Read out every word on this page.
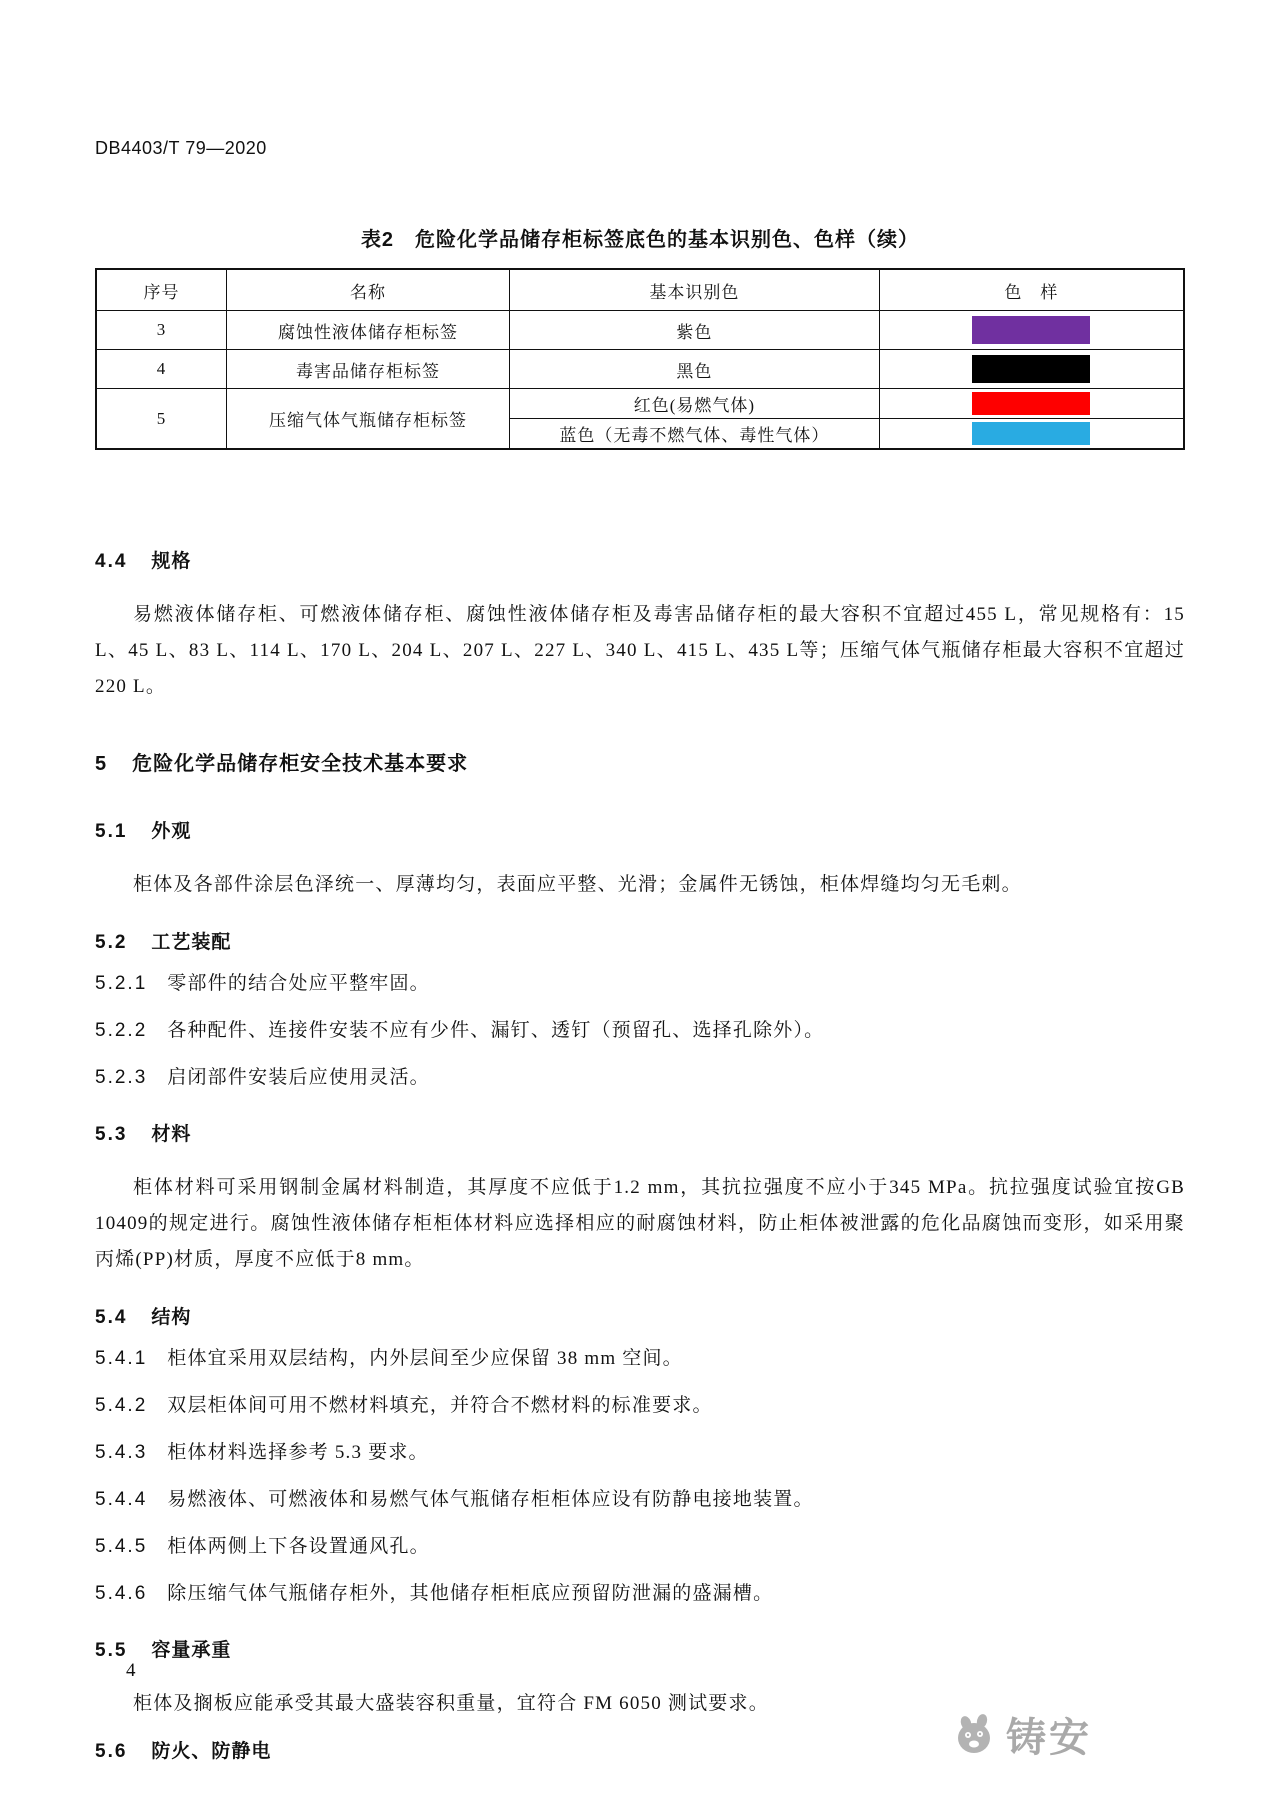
DB4403/T 79—2020
表2　危险化学品储存柜标签底色的基本识别色、色样（续）
序号	名称	基本识别色	色　样
3	腐蚀性液体储存柜标签	紫色	
4	毒害品储存柜标签	黑色	
5	压缩气体气瓶储存柜标签	红色(易燃气体)	
		蓝色（无毒不燃气体、毒性气体）	
4.4 规格

易燃液体储存柜、可燃液体储存柜、腐蚀性液体储存柜及毒害品储存柜的最大容积不宜超过455 L，常见规格有：15 L、45 L、83 L、114 L、170 L、204 L、207 L、227 L、340 L、415 L、435 L等；压缩气体气瓶储存柜最大容积不宜超过 220 L。

5 危险化学品储存柜安全技术基本要求
5.1 外观

柜体及各部件涂层色泽统一、厚薄均匀，表面应平整、光滑；金属件无锈蚀，柜体焊缝均匀无毛刺。

5.2 工艺装配
5.2.1 零部件的结合处应平整牢固。
5.2.2 各种配件、连接件安装不应有少件、漏钉、透钉（预留孔、选择孔除外）。
5.2.3 启闭部件安装后应使用灵活。
5.3 材料

柜体材料可采用钢制金属材料制造，其厚度不应低于1.2 mm，其抗拉强度不应小于345 MPa。抗拉强度试验宜按GB 10409的规定进行。腐蚀性液体储存柜柜体材料应选择相应的耐腐蚀材料，防止柜体被泄露的危化品腐蚀而变形，如采用聚丙烯(PP)材质，厚度不应低于8 mm。

5.4 结构
5.4.1 柜体宜采用双层结构，内外层间至少应保留 38 mm 空间。
5.4.2 双层柜体间可用不燃材料填充，并符合不燃材料的标准要求。
5.4.3 柜体材料选择参考 5.3 要求。
5.4.4 易燃液体、可燃液体和易燃气体气瓶储存柜柜体应设有防静电接地装置。
5.4.5 柜体两侧上下各设置通风孔。
5.4.6 除压缩气体气瓶储存柜外，其他储存柜柜底应预留防泄漏的盛漏槽。
5.5 容量承重

柜体及搁板应能承受其最大盛装容积重量，宜符合 FM 6050 测试要求。

5.6 防火、防静电
4
铸安
